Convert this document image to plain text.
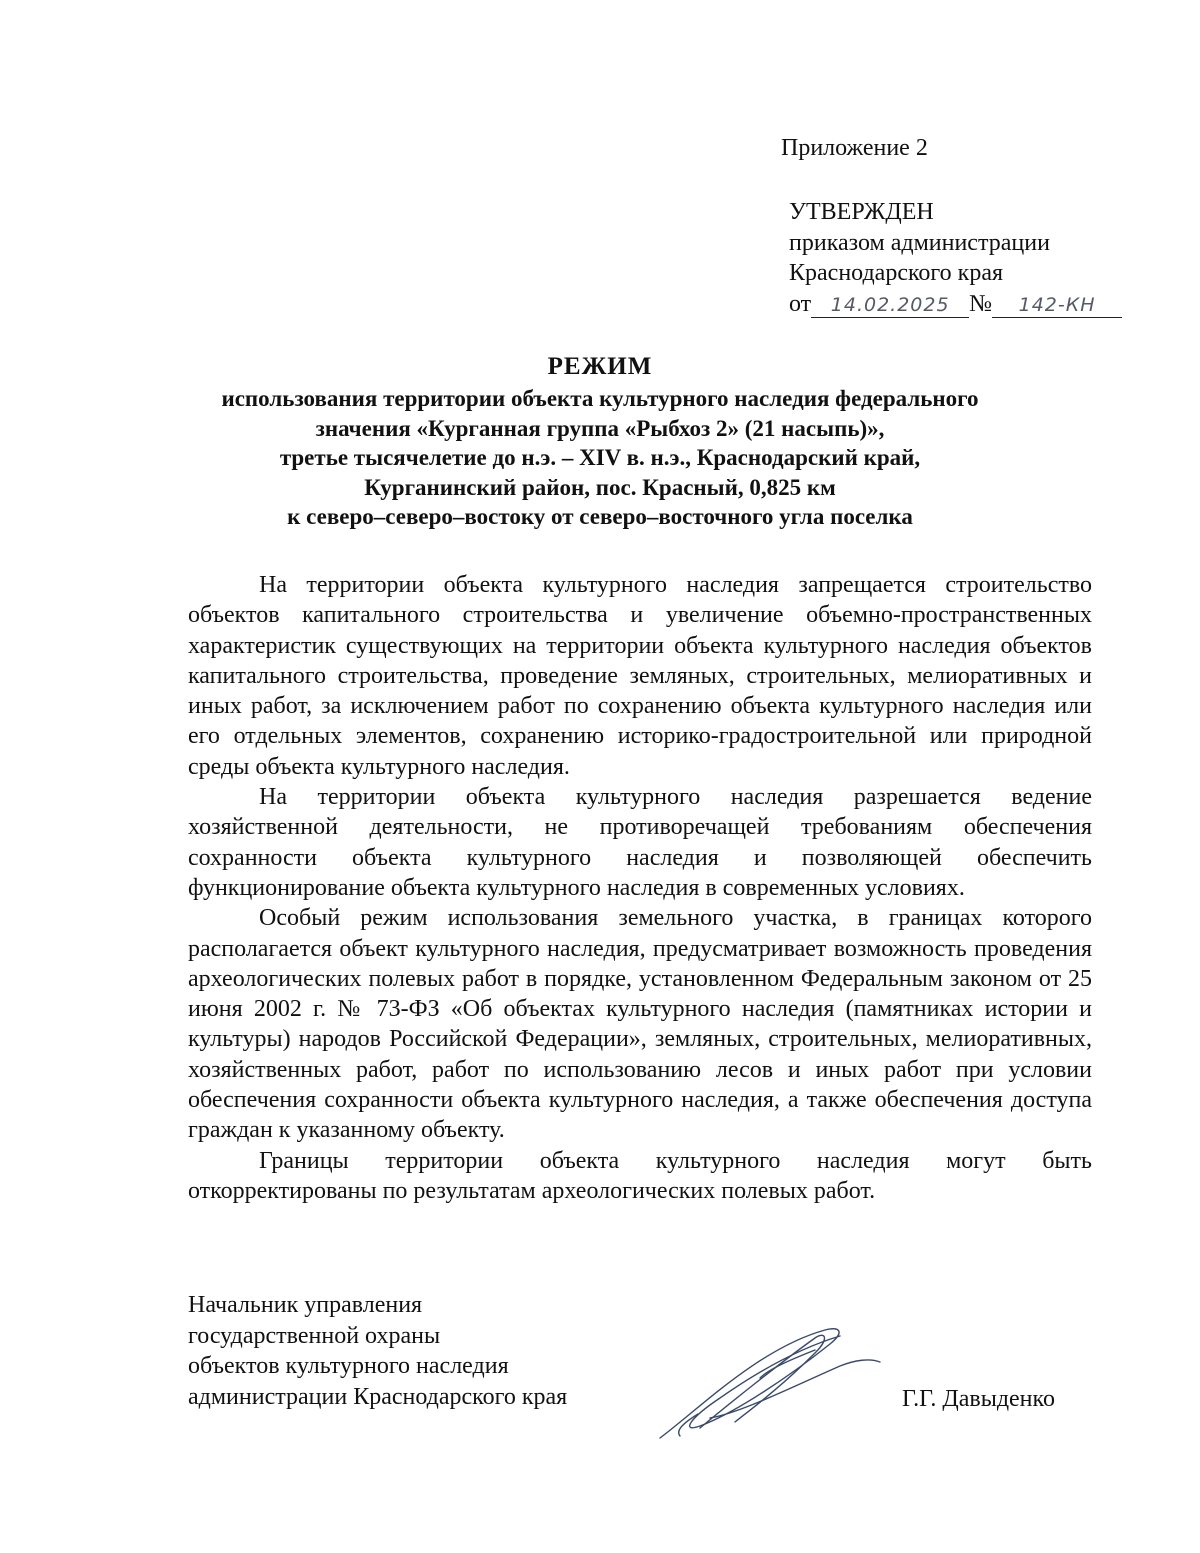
Приложение 2
УТВЕРЖДЕН
приказом администрации
Краснодарского края
от 14.02.2025 № 142-КН
РЕЖИМ
использования территории объекта культурного наследия федерального
значения «Курганная группа «Рыбхоз 2» (21 насыпь)»,
третье тысячелетие до н.э. – XIV в. н.э., Краснодарский край,
Курганинский район, пос. Красный, 0,825 км
к северо–северо–востоку от северо–восточного угла поселка

На территории объекта культурного наследия запрещается строительство объектов капитального строительства и увеличение объемно-пространственных характеристик существующих на территории объекта культурного наследия объектов капитального строительства, проведение земляных, строительных, мелиоративных и иных работ, за исключением работ по сохранению объекта культурного наследия или его отдельных элементов, сохранению историко-градостроительной или природной среды объекта культурного наследия.

На территории объекта культурного наследия разрешается ведение хозяйственной деятельности, не противоречащей требованиям обеспечения сохранности объекта культурного наследия и позволяющей обеспечить функционирование объекта культурного наследия в современных условиях.

Особый режим использования земельного участка, в границах которого располагается объект культурного наследия, предусматривает возможность проведения археологических полевых работ в порядке, установленном Федеральным законом от 25 июня 2002 г. № 73-ФЗ «Об объектах культурного наследия (памятниках истории и культуры) народов Российской Федерации», земляных, строительных, мелиоративных, хозяйственных работ, работ по использованию лесов и иных работ при условии обеспечения сохранности объекта культурного наследия, а также обеспечения доступа граждан к указанному объекту.

Границы территории объекта культурного наследия могут быть откорректированы по результатам археологических полевых работ.

Начальник управления
государственной охраны
объектов культурного наследия
администрации Краснодарского края	Г.Г. Давыденко
